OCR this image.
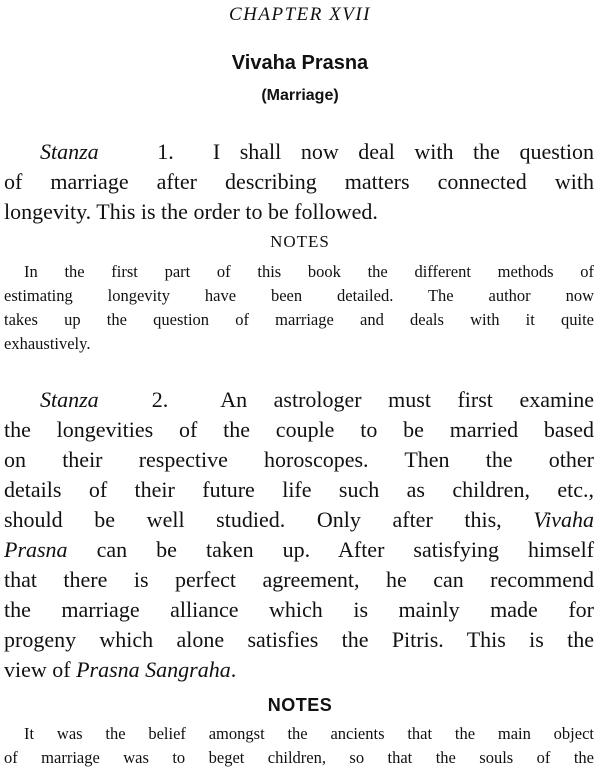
CHAPTER XVII
Vivaha Prasna
(Marriage)
Stanza	1. I shall now deal with the question
of marriage after describing matters connected with
longevity. This is the order to be followed.
NOTES
In the first part of this book the different methods of
estimating longevity have been detailed. The author now
takes up the question of marriage and deals with it quite
exhaustively.
Stanza 2. An astrologer must first examine
the longevities of the couple to be married based
on their respective horoscopes. Then the other
details of their future life such as children, etc.,
should be well studied. Only after this, Vivaha
Prasna can be taken up. After satisfying himself
that there is perfect agreement, he can recommend
the marriage alliance which is mainly made for
progeny which alone satisfies the Pitris. This is the
view of Prasna Sangraha.
NOTES
It was the belief amongst the ancients that the main object
of marriage was to beget children, so that the souls of the
